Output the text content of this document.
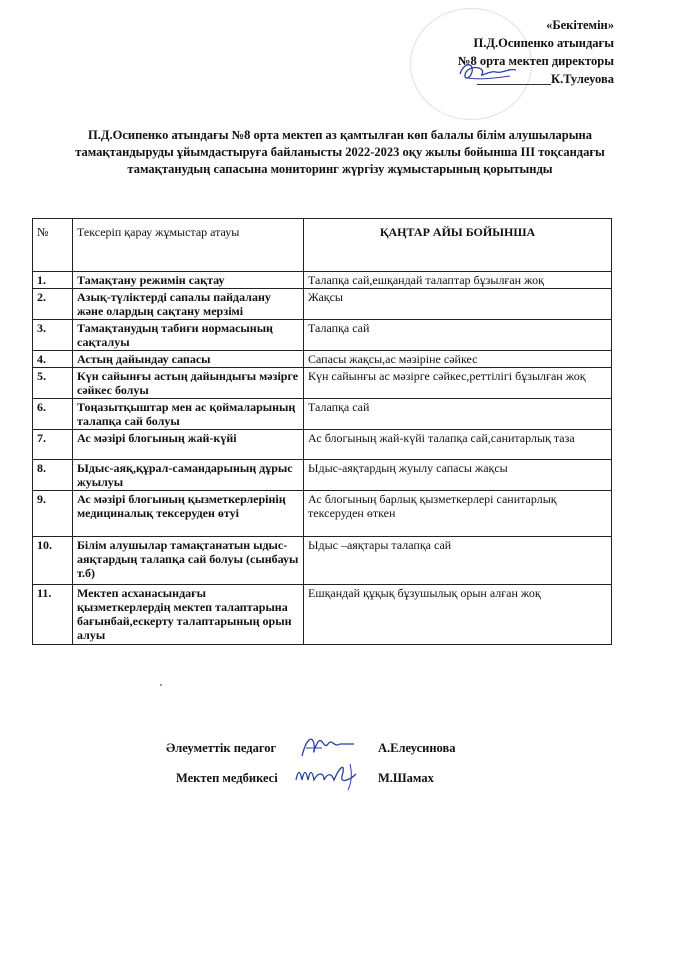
«Бекітемін»
П.Д.Осипенко атындағы
№8 орта мектеп директоры
К.Тулеуова
П.Д.Осипенко атындағы №8 орта мектеп аз қамтылған көп балалы білім алушыларына
тамақтандыруды ұйымдастыруға байланысты 2022-2023 оқу жылы бойынша ІІІ тоқсандағы
тамақтанудың сапасына мониторинг жүргізу жұмыстарының қорытынды
№	Тексеріп қарау жұмыстар атауы	ҚАҢТАР АЙЫ БОЙЫНША
1.	Тамақтану режимін сақтау	Талапқа сай,ешқандай талаптар бұзылған жоқ
2.	Азық-түліктерді сапалы пайдалану және олардың сақтану мерзімі	Жақсы
3.	Тамақтанудың табиғи нормасының сақталуы	Талапқа сай
4.	Астың дайындау сапасы	Сапасы жақсы,ас мәзіріне сәйкес
5.	Күн сайынғы астың дайындығы мәзірге сәйкес болуы	Күн сайынғы ас мәзірге сәйкес,реттілігі бұзылған жоқ
6.	Тоңазытқыштар мен ас қоймаларының талапқа сай болуы	Талапқа сай
7.	Ас мәзірі блогының жай-күйі	Ас блогының жай-күйі талапқа сай,санитарлық таза
8.	Ыдыс-аяқ,құрал-самандарының дұрыс жуылуы	Ыдыс-аяқтардың жуылу сапасы жақсы
9.	Ас мәзірі блогының қызметкерлерінің медициналық тексеруден өтуі	Ас блогының барлық қызметкерлері санитарлық тексеруден өткен
10.	Білім алушылар тамақтанатын ыдыс-аяқтардың талапқа сай болуы (сынбауы т.б)	Ыдыс –аяқтары талапқа сай
11.	Мектеп асханасындағы қызметкерлердің мектеп талаптарына бағынбай,ескерту талаптарының орын алуы	Ешқандай құқық бұзушылық орын алған жоқ
Әлеуметтік педагог	А.Елеусинова
Мектеп медбикесі	М.Шамах
